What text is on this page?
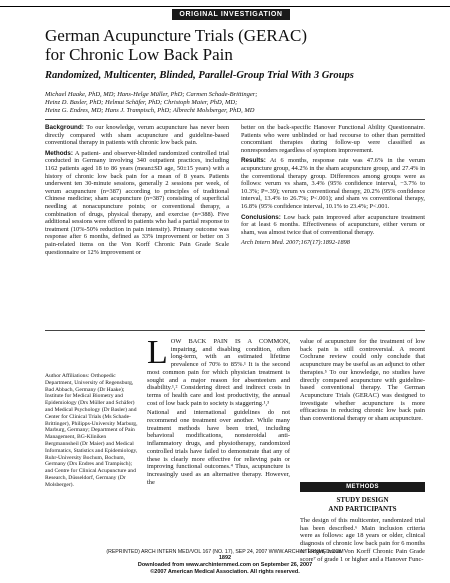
ORIGINAL INVESTIGATION
German Acupuncture Trials (GERAC)
for Chronic Low Back Pain
Randomized, Multicenter, Blinded, Parallel-Group Trial With 3 Groups
Michael Haake, PhD, MD; Hans-Helge Müller, PhD; Carmen Schade-Brittinger;
Heinz D. Basler, PhD; Helmut Schäfer, PhD; Christoph Maier, PhD, MD;
Heinz G. Endres, MD; Hans J. Trampisch, PhD; Albrecht Molsberger, PhD, MD

Background: To our knowledge, verum acupuncture has never been directly compared with sham acupuncture and guideline-based conventional therapy in patients with chronic low back pain.

Methods: A patient- and observer-blinded randomized controlled trial conducted in Germany involving 340 outpatient practices, including 1162 patients aged 18 to 86 years (mean±SD age, 50±15 years) with a history of chronic low back pain for a mean of 8 years. Patients underwent ten 30-minute sessions, generally 2 sessions per week, of verum acupuncture (n=387) according to principles of traditional Chinese medicine; sham acupuncture (n=387) consisting of superficial needling at nonacupuncture points; or conventional therapy, a combination of drugs, physical therapy, and exercise (n=388). Five additional sessions were offered to patients who had a partial response to treatment (10%-50% reduction in pain intensity). Primary outcome was response after 6 months, defined as 33% improvement or better on 3 pain-related items on the Von Korff Chronic Pain Grade Scale questionnaire or 12% improvement or

better on the back-specific Hanover Functional Ability Questionnaire. Patients who were unblinded or had recourse to other than permitted concomitant therapies during follow-up were classified as nonresponders regardless of symptom improvement.

Results: At 6 months, response rate was 47.6% in the verum acupuncture group, 44.2% in the sham acupuncture group, and 27.4% in the conventional therapy group. Differences among groups were as follows: verum vs sham, 3.4% (95% confidence interval, −3.7% to 10.3%; P=.39); verum vs conventional therapy, 20.2% (95% confidence interval, 13.4% to 26.7%; P<.001); and sham vs conventional therapy, 16.8% (95% confidence interval, 10.1% to 23.4%; P<.001.

Conclusions: Low back pain improved after acupuncture treatment for at least 6 months. Effectiveness of acupuncture, either verum or sham, was almost twice that of conventional therapy.

Arch Intern Med. 2007;167(17):1892-1898

Author Affiliations: Orthopedic Department, University of Regensburg, Bad Abbach, Germany (Dr Haake); Institute for Medical Biometry and Epidemiology (Drs Müller and Schäfer) and Medical Psychology (Dr Basler) and Center for Clinical Trials (Ms Schade-Brittinger), Philipps-University Marburg, Marburg, Germany; Department of Pain Management, BG-Kliniken Bergmannsheil (Dr Maier) and Medical Informatics, Statistics and Epidemiology, Ruhr-University Bochum, Bochum, Germany (Drs Endres and Trampisch); and Centre for Clinical Acupuncture and Research, Düsseldorf, Germany (Dr Molsberger).

L OW BACK PAIN IS A COMMON, impairing, and disabling condition, often long-term, with an estimated lifetime prevalence of 70% to 85%.¹ It is the second most common pain for which physician treatment is sought and a major reason for absenteeism and disability.¹,² Considering direct and indirect costs in terms of health care and lost productivity, the annual cost of low back pain to society is staggering.¹,³

National and international guidelines do not recommend one treatment over another. While many treatment methods have been tried, including behavioral modifications, nonsteroidal anti-inflammatory drugs, and physiotherapy, randomized controlled trials have failed to demonstrate that any of these is clearly more effective for relieving pain or improving functional outcomes.⁴ Thus, acupuncture is increasingly used as an alternative therapy. However, the

value of acupuncture for the treatment of low back pain is still controversial. A recent Cochrane review could only conclude that acupuncture may be useful as an adjunct to other therapies.⁵ To our knowledge, no studies have directly compared acupuncture with guideline-based conventional therapy. The German Acupuncture Trials (GERAC) was designed to investigate whether acupuncture is more efficacious in reducing chronic low back pain than conventional therapy or sham acupuncture.

METHODS
STUDY DESIGN
AND PARTICIPANTS

The design of this multicenter, randomized trial has been described.⁶ Main inclusion criteria were as follows: age 18 years or older, clinical diagnosis of chronic low back pain for 6 months or longer, mean Von Korff Chronic Pain Grade score⁷ of grade 1 or higher and a Hanover Func-

(REPRINTED) ARCH INTERN MED/VOL 167 (NO. 17), SEP 24, 2007 WWW.ARCHINTERNMED.COM
1892
Downloaded from www.archinternmed.com on September 26, 2007
©2007 American Medical Association. All rights reserved.
